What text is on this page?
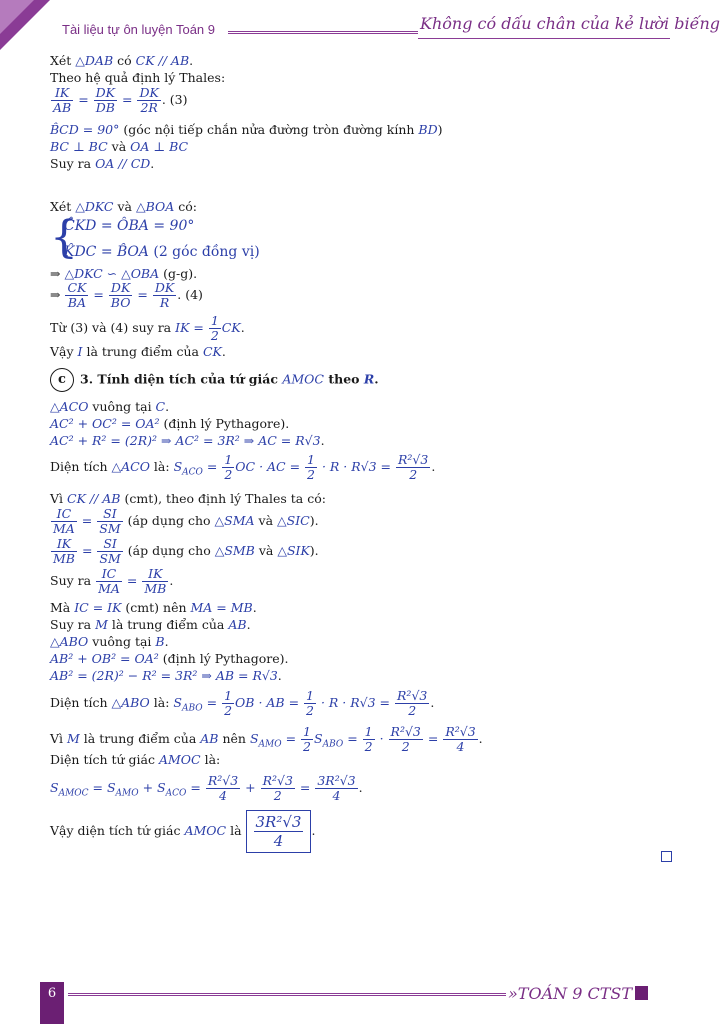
Tài liệu tự ôn luyện Toán 9	Không có dấu chân của kẻ lười biếng
Xét △DAB có CK // AB.
Theo hệ quả định lý Thales:
$\frac{IK}{AB} = \frac{DK}{DB} = \frac{DK}{2R}$ . (3)
B̂CD = 90° (góc nội tiếp chắn nửa đường tròn đường kính BD)
BC ⊥ BC và OA ⊥ BC
Suy ra OA // CD.
Xét △DKC và △BOA có:
{
ĈKD = ÔBA = 90°
K̂DC = B̂OA (2 góc đồng vị)
⇒ △DKC ∽ △OBA (g-g).
⇒ $\frac{CK}{BA} = \frac{DK}{BO} = \frac{DK}{R}$ . (4)
Từ (3) và (4) suy ra IK = $\frac{1}{2}$ CK.
Vậy I là trung điểm của CK.
c 3. Tính diện tích của tứ giác AMOC theo R.
△ACO vuông tại C.
AC² + OC² = OA² (định lý Pythagore).
AC² + R² = (2R)² ⇒ AC² = 3R² ⇒ AC = R√3.
Diện tích △ACO là: $S_{ACO} = \frac{1}{2}$ OC · AC = $\frac{1}{2} \cdot R \cdot R√3 = \frac{\text{R²√3}}{2}$ .
Vì CK // AB (cmt), theo định lý Thales ta có:
$\frac{IC}{MA} = \frac{SI}{SM}$ (áp dụng cho △SMA và △SIC).
$\frac{IK}{MB} = \frac{SI}{SM}$ (áp dụng cho △SMB và △SIK).
Suy ra $\frac{IC}{MA} = \frac{IK}{MB}$ .
Mà IC = IK (cmt) nên MA = MB.
Suy ra M là trung điểm của AB.
△ABO vuông tại B.
AB² + OB² = OA² (định lý Pythagore).
AB² = (2R)² − R² = 3R² ⇒ AB = R√3.
Diện tích △ABO là: $S_{ABO} = \frac{1}{2}$ OB · AB = $\frac{1}{2} \cdot R \cdot R√3 = \frac{\text{R²√3}}{2}$ .
Vì M là trung điểm của AB nên $S_{AMO} = \frac{1}{2} S_{ABO} = \frac{1}{2} \cdot \frac{\text{R²√3}}{2} = \frac{\text{R²√3}}{4}$ .
Diện tích tứ giác AMOC là:
$S_{AMOC} = S_{AMO} + S_{ACO} = \frac{\text{R²√3}}{4} + \frac{\text{R²√3}}{2} = \frac{\text{3R²√3}}{4}$ .
Vậy diện tích tứ giác AMOC là $\frac{\text{3R²√3}}{4}$ .
6	»TOÁN 9 CTST
